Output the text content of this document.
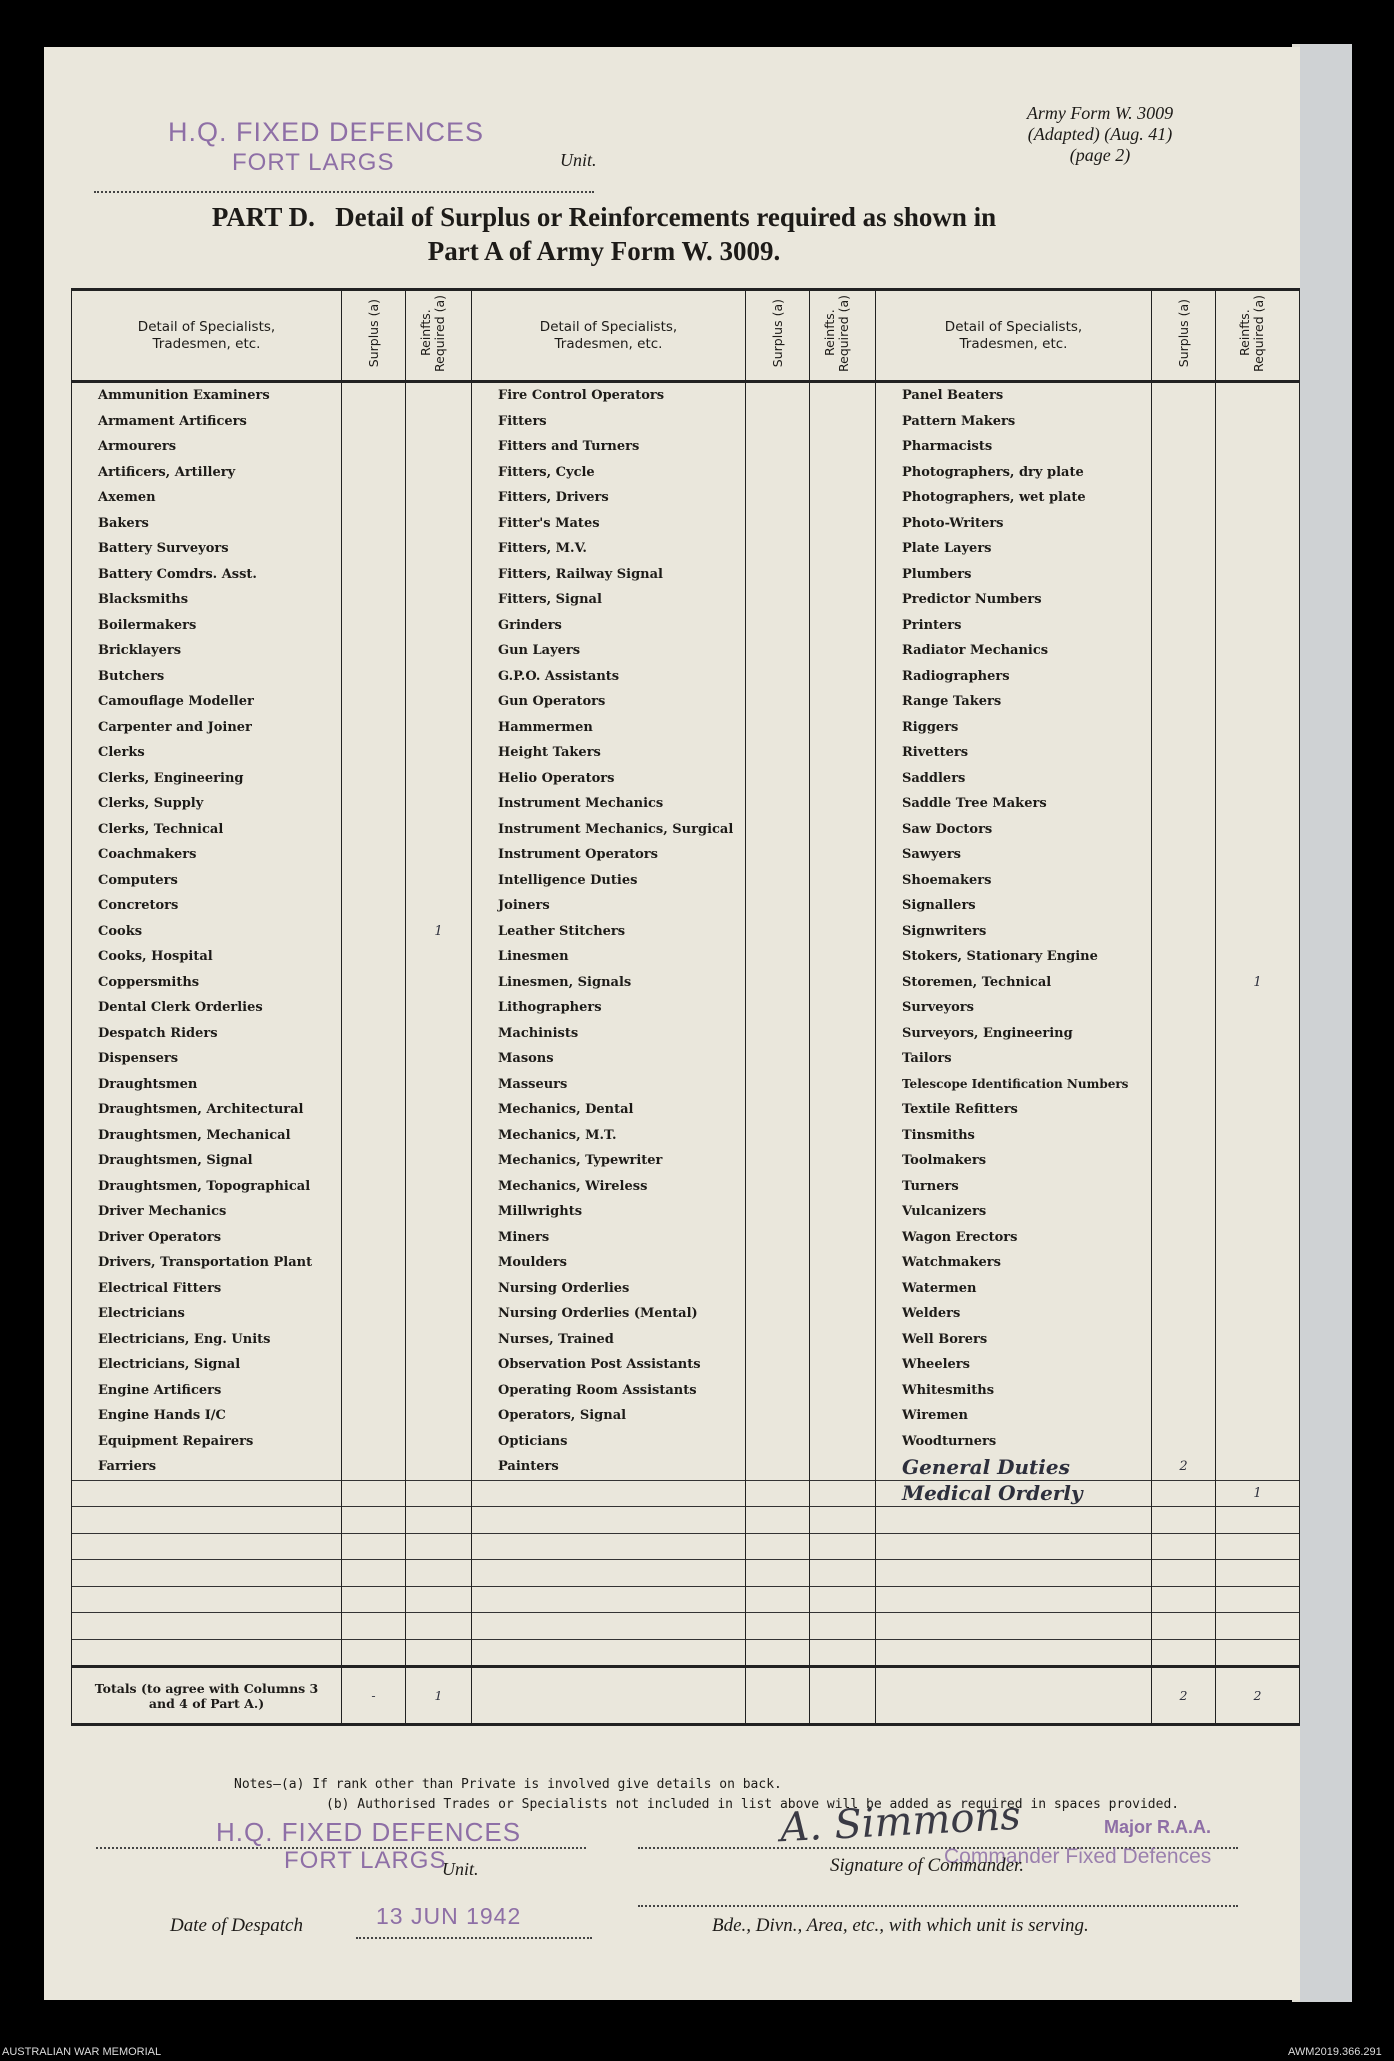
H.Q. FIXED DEFENCES
FORT LARGS	Unit.
Army Form W. 3009
(Adapted) (Aug. 41)
(page 2)
PART D.   Detail of Surplus or Reinforcements required as shown in
Part A of Army Form W. 3009.
Detail of Specialists, Tradesmen, etc.	Surplus (a)	Reinfts. Required (a)	Detail of Specialists, Tradesmen, etc.	Surplus (a)	Reinfts. Required (a)	Detail of Specialists, Tradesmen, etc.	Surplus (a)	Reinfts. Required (a)
Ammunition Examiners			Fire Control Operators			Panel Beaters		
Armament Artificers			Fitters			Pattern Makers		
Armourers			Fitters and Turners			Pharmacists		
Artificers, Artillery			Fitters, Cycle			Photographers, dry plate		
Axemen			Fitters, Drivers			Photographers, wet plate		
Bakers			Fitter's Mates			Photo-Writers		
Battery Surveyors			Fitters, M.V.			Plate Layers		
Battery Comdrs. Asst.			Fitters, Railway Signal			Plumbers		
Blacksmiths			Fitters, Signal			Predictor Numbers		
Boilermakers			Grinders			Printers		
Bricklayers			Gun Layers			Radiator Mechanics		
Butchers			G.P.O. Assistants			Radiographers		
Camouflage Modeller			Gun Operators			Range Takers		
Carpenter and Joiner			Hammermen			Riggers		
Clerks			Height Takers			Rivetters		
Clerks, Engineering			Helio Operators			Saddlers		
Clerks, Supply			Instrument Mechanics			Saddle Tree Makers		
Clerks, Technical			Instrument Mechanics, Surgical			Saw Doctors		
Coachmakers			Instrument Operators			Sawyers		
Computers			Intelligence Duties			Shoemakers		
Concretors			Joiners			Signallers		
Cooks		1	Leather Stitchers			Signwriters		
Cooks, Hospital			Linesmen			Stokers, Stationary Engine		
Coppersmiths			Linesmen, Signals			Storemen, Technical		1
Dental Clerk Orderlies			Lithographers			Surveyors		
Despatch Riders			Machinists			Surveyors, Engineering		
Dispensers			Masons			Tailors		
Draughtsmen			Masseurs			Telescope Identification Numbers		
Draughtsmen, Architectural			Mechanics, Dental			Textile Refitters		
Draughtsmen, Mechanical			Mechanics, M.T.			Tinsmiths		
Draughtsmen, Signal			Mechanics, Typewriter			Toolmakers		
Draughtsmen, Topographical			Mechanics, Wireless			Turners		
Driver Mechanics			Millwrights			Vulcanizers		
Driver Operators			Miners			Wagon Erectors		
Drivers, Transportation Plant			Moulders			Watchmakers		
Electrical Fitters			Nursing Orderlies			Watermen		
Electricians			Nursing Orderlies (Mental)			Welders		
Electricians, Eng. Units			Nurses, Trained			Well Borers		
Electricians, Signal			Observation Post Assistants			Wheelers		
Engine Artificers			Operating Room Assistants			Whitesmiths		
Engine Hands I/C			Operators, Signal			Wiremen		
Equipment Repairers			Opticians			Woodturners		
Farriers			Painters			General Duties	2	
						Medical Orderly		1

Totals (to agree with Columns 3 and 4 of Part A.)	-	1					2	2
Notes—(a) If rank other than Private is involved give details on back.
(b) Authorised Trades or Specialists not included in list above will be added as required in spaces provided.
H.Q. FIXED DEFENCES
FORT LARGS
Unit.
A. Simmons	Major R.A.A.
Commander Fixed Defences
Signature of Commander.
Date of Despatch	13 JUN 1942	Bde., Divn., Area, etc., with which unit is serving.
AUSTRALIAN WAR MEMORIAL	AWM2019.366.291
